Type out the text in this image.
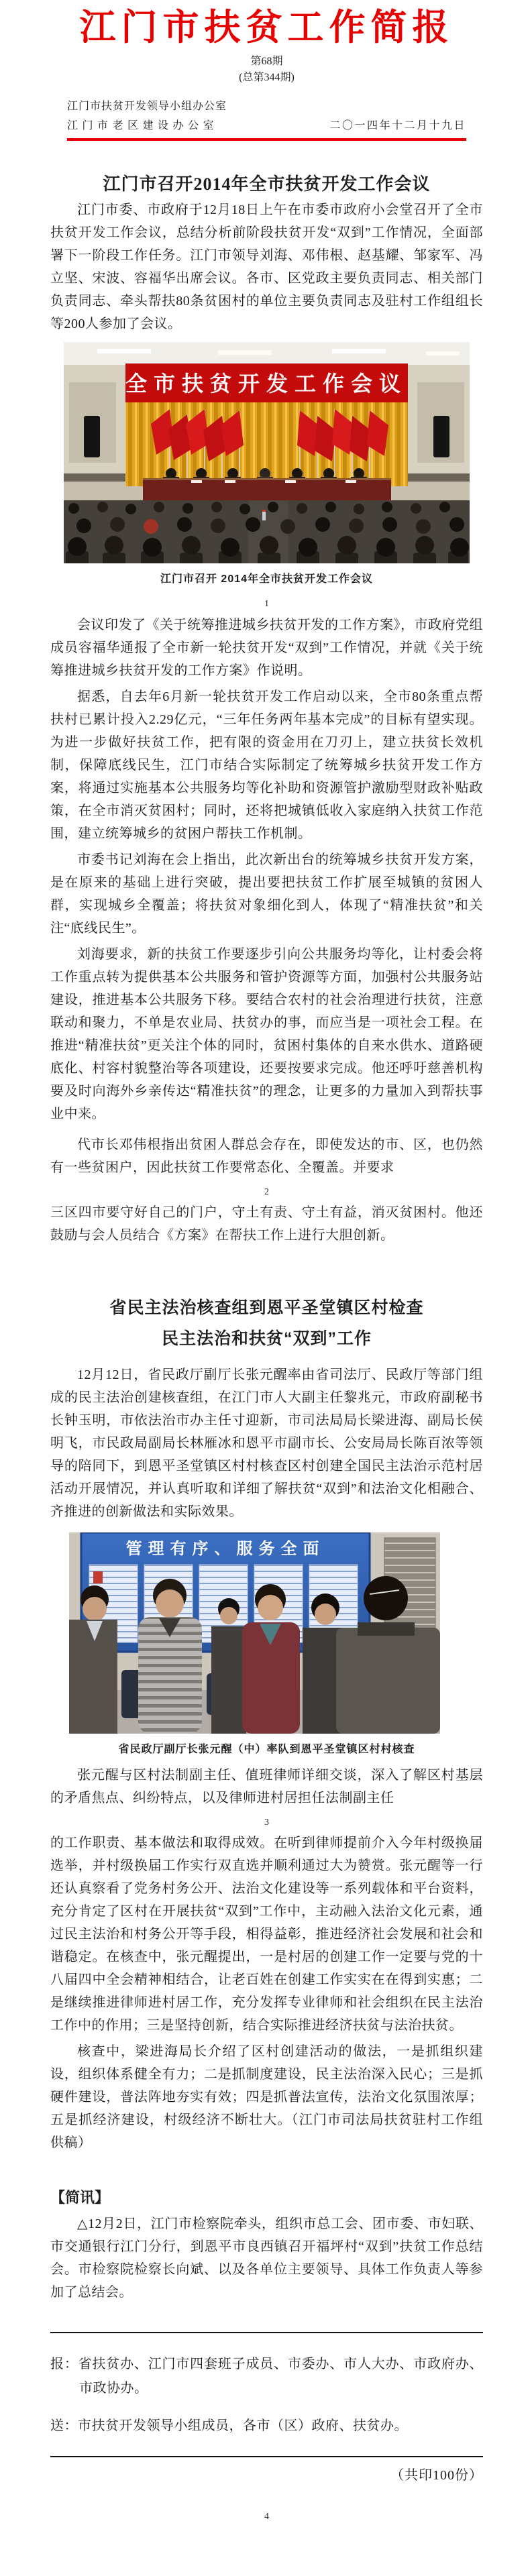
江门市扶贫工作简报
第68期
(总第344期)
江门市扶贫开发领导小组办公室
江门市老区建设办公室	二〇一四年十二月十九日
江门市召开2014年全市扶贫开发工作会议

江门市委、市政府于12月18日上午在市委市政府小会堂召开了全市扶贫开发工作会议，总结分析前阶段扶贫开发“双到”工作情况，全面部署下一阶段工作任务。江门市领导刘海、邓伟根、赵基耀、邹家军、冯立坚、宋波、容福华出席会议。各市、区党政主要负责同志、相关部门负责同志、牵头帮扶80条贫困村的单位主要负责同志及驻村工作组组长等200人参加了会议。

全市扶贫开发工作会议
江门市召开 2014年全市扶贫开发工作会议
1

会议印发了《关于统筹推进城乡扶贫开发的工作方案》，市政府党组成员容福华通报了全市新一轮扶贫开发“双到”工作情况，并就《关于统筹推进城乡扶贫开发的工作方案》作说明。

据悉，自去年6月新一轮扶贫开发工作启动以来，全市80条重点帮扶村已累计投入2.29亿元，“三年任务两年基本完成”的目标有望实现。为进一步做好扶贫工作，把有限的资金用在刀刃上，建立扶贫长效机制，保障底线民生，江门市结合实际制定了统筹城乡扶贫开发工作方案，将通过实施基本公共服务均等化补助和资源管护激励型财政补贴政策，在全市消灭贫困村；同时，还将把城镇低收入家庭纳入扶贫工作范围，建立统筹城乡的贫困户帮扶工作机制。

市委书记刘海在会上指出，此次新出台的统筹城乡扶贫开发方案，是在原来的基础上进行突破，提出要把扶贫工作扩展至城镇的贫困人群，实现城乡全覆盖；将扶贫对象细化到人，体现了“精准扶贫”和关注“底线民生”。

刘海要求，新的扶贫工作要逐步引向公共服务均等化，让村委会将工作重点转为提供基本公共服务和管护资源等方面，加强村公共服务站建设，推进基本公共服务下移。要结合农村的社会治理进行扶贫，注意联动和聚力，不单是农业局、扶贫办的事，而应当是一项社会工程。在推进“精准扶贫”更关注个体的同时，贫困村集体的自来水供水、道路硬底化、村容村貌整治等各项建设，还要按要求完成。他还呼吁慈善机构要及时向海外乡亲传达“精准扶贫”的理念，让更多的力量加入到帮扶事业中来。

代市长邓伟根指出贫困人群总会存在，即使发达的市、区，也仍然有一些贫困户，因此扶贫工作要常态化、全覆盖。并要求

2

三区四市要守好自己的门户，守土有责、守土有益，消灭贫困村。他还鼓励与会人员结合《方案》在帮扶工作上进行大胆创新。

省民主法治核查组到恩平圣堂镇区村检查
民主法治和扶贫“双到”工作

12月12日，省民政厅副厅长张元醒率由省司法厅、民政厅等部门组成的民主法治创建核查组，在江门市人大副主任黎兆元，市政府副秘书长钟玉明，市依法治市办主任寸迎新，市司法局局长梁进海、副局长侯明飞，市民政局副局长林雁冰和恩平市副市长、公安局局长陈百浓等领导的陪同下，到恩平圣堂镇区村村核查区村创建全国民主法治示范村居活动开展情况，并认真听取和详细了解扶贫“双到”和法治文化相融合、齐推进的创新做法和实际效果。

管理有序、服务全面
省民政厅副厅长张元醒（中）率队到恩平圣堂镇区村村核查

张元醒与区村法制副主任、值班律师详细交谈，深入了解区村基层的矛盾焦点、纠纷特点，以及律师进村居担任法制副主任

3

的工作职责、基本做法和取得成效。在听到律师提前介入今年村级换届选举，并村级换届工作实行双直选并顺利通过大为赞赏。张元醒等一行还认真察看了党务村务公开、法治文化建设等一系列载体和平台资料，充分肯定了区村在开展扶贫“双到”工作中，主动融入法治文化元素，通过民主法治和村务公开等手段，相得益彰，推进经济社会发展和社会和谐稳定。在核查中，张元醒提出，一是村居的创建工作一定要与党的十八届四中全会精神相结合，让老百姓在创建工作实实在在得到实惠；二是继续推进律师进村居工作，充分发挥专业律师和社会组织在民主法治工作中的作用；三是坚持创新，结合实际推进经济扶贫与法治扶贫。

核查中，梁进海局长介绍了区村创建活动的做法，一是抓组织建设，组织体系健全有力；二是抓制度建设，民主法治深入民心；三是抓硬件建设，普法阵地夯实有效；四是抓普法宣传，法治文化氛围浓厚；五是抓经济建设，村级经济不断壮大。（江门市司法局扶贫驻村工作组供稿）

【简讯】

△12月2日，江门市检察院牵头，组织市总工会、团市委、市妇联、市交通银行江门分行，到恩平市良西镇召开福坪村“双到”扶贫工作总结会。市检察院检察长向斌、以及各单位主要领导、具体工作负责人等参加了总结会。

报：省扶贫办、江门市四套班子成员、市委办、市人大办、市政府办、市政协办。

送：市扶贫开发领导小组成员，各市（区）政府、扶贫办。

（共印100份）
4
